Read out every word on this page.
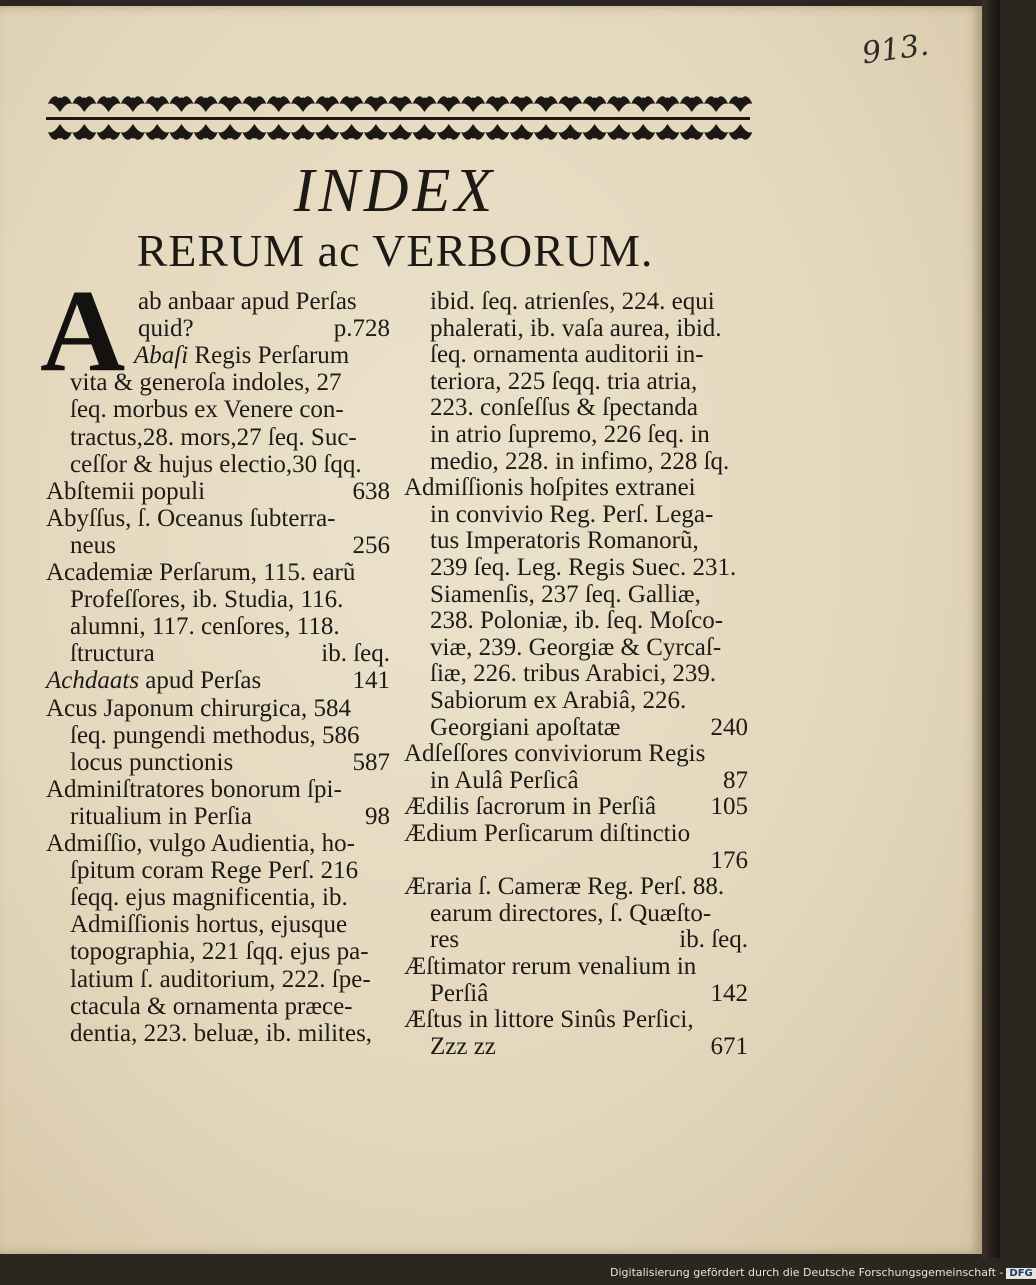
913.
INDEX
RERUM ac VERBORUM.
A ab anbaar apud Perſas
quid?	p.728
Abaſi Regis Perſarum
vita & generoſa indoles, 27
ſeq. morbus ex Venere con-
tractus,28. mors,27 ſeq. Suc-
ceſſor & hujus electio,30 ſqq.
Abſtemii populi	638
Abyſſus, ſ. Oceanus ſubterra-
neus	256
Academiæ Perſarum, 115. earũ
Profeſſores, ib. Studia, 116.
alumni, 117. cenſores, 118.
ſtructura	ib. ſeq.
Achdaats apud Perſas	141
Acus Japonum chirurgica, 584
ſeq. pungendi methodus, 586
locus punctionis	587
Adminiſtratores bonorum ſpi-
ritualium in Perſia	98
Admiſſio, vulgo Audientia, ho-
ſpitum coram Rege Perſ. 216
ſeqq. ejus magnificentia, ib.
Admiſſionis hortus, ejusque
topographia, 221 ſqq. ejus pa-
latium ſ. auditorium, 222. ſpe-
ctacula & ornamenta præce-
dentia, 223. beluæ, ib. milites,
ibid. ſeq. atrienſes, 224. equi
phalerati, ib. vaſa aurea, ibid.
ſeq. ornamenta auditorii in-
teriora, 225 ſeqq. tria atria,
223. conſeſſus & ſpectanda
in atrio ſupremo, 226 ſeq. in
medio, 228. in infimo, 228 ſq.
Admiſſionis hoſpites extranei
in convivio Reg. Perſ. Lega-
tus Imperatoris Romanorũ,
239 ſeq. Leg. Regis Suec. 231.
Siamenſis, 237 ſeq. Galliæ,
238. Poloniæ, ib. ſeq. Moſco-
viæ, 239. Georgiæ & Cyrcaſ-
ſiæ, 226. tribus Arabici, 239.
Sabiorum ex Arabiâ, 226.
Georgiani apoſtatæ	240
Adſeſſores conviviorum Regis
in Aulâ Perſicâ	87
Ædilis ſacrorum in Perſiâ 105
Ædium Perſicarum diſtinctio
176
Æraria ſ. Cameræ Reg. Perſ. 88.
earum directores, ſ. Quæſto-
res	ib. ſeq.
Æſtimator rerum venalium in
Perſiâ	142
Æſtus in littore Sinûs Perſici,
Zzz zz	671
Digitalisierung gefördert durch die Deutsche Forschungsgemeinschaft - DFG
